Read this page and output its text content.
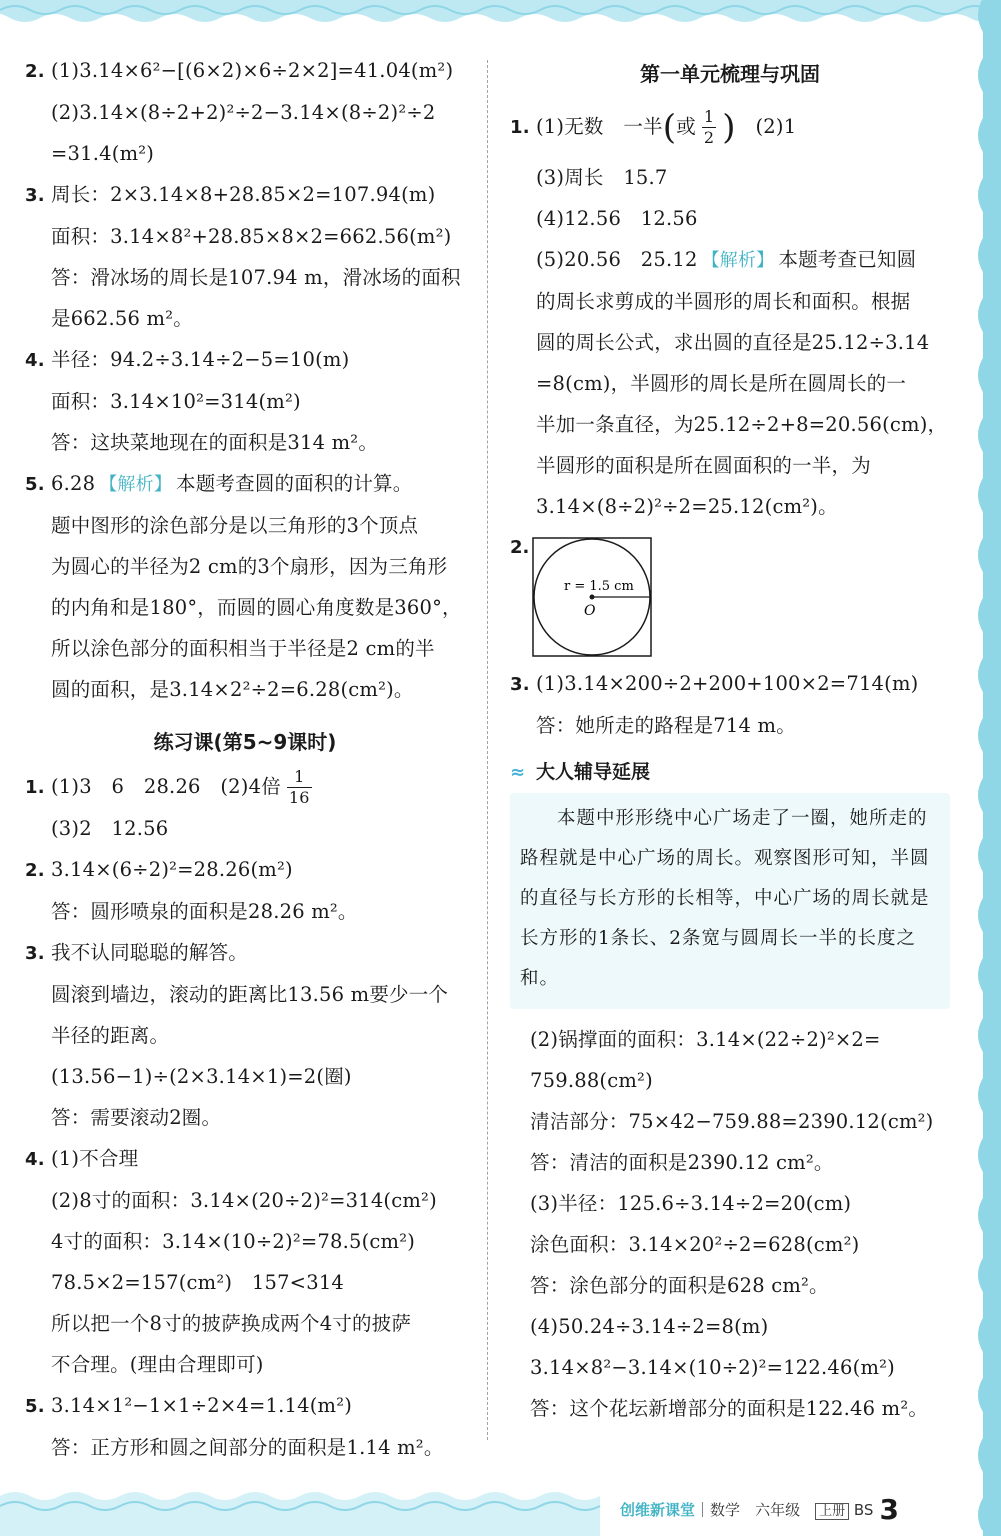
2. (1)3.14×6²−[(6×2)×6÷2×2]=41.04(m²)
(2)3.14×(8÷2+2)²÷2−3.14×(8÷2)²÷2
=31.4(m²)
3. 周长：2×3.14×8+28.85×2=107.94(m)
面积：3.14×8²+28.85×8×2=662.56(m²)
答：滑冰场的周长是107.94 m，滑冰场的面积
是662.56 m²。
4. 半径：94.2÷3.14÷2−5=10(m)
面积：3.14×10²=314(m²)
答：这块菜地现在的面积是314 m²。
5. 6.28 【解析】 本题考查圆的面积的计算。
题中图形的涂色部分是以三角形的3个顶点
为圆心的半径为2 cm的3个扇形，因为三角形
的内角和是180°，而圆的圆心角度数是360°，
所以涂色部分的面积相当于半径是2 cm的半
圆的面积，是3.14×2²÷2=6.28(cm²)。
练习课(第5~9课时)
1. (1)3　6　28.26　(2)4倍 $\frac{1}{16}$
(3)2　12.56
2. 3.14×(6÷2)²=28.26(m²)
答：圆形喷泉的面积是28.26 m²。
3. 我不认同聪聪的解答。
圆滚到墙边，滚动的距离比13.56 m要少一个
半径的距离。
(13.56−1)÷(2×3.14×1)=2(圈)
答：需要滚动2圈。
4. (1)不合理
(2)8寸的面积：3.14×(20÷2)²=314(cm²)
4寸的面积：3.14×(10÷2)²=78.5(cm²)
78.5×2=157(cm²)　157<314
所以把一个8寸的披萨换成两个4寸的披萨
不合理。(理由合理即可)
5. 3.14×1²−1×1÷2×4=1.14(m²)
答：正方形和圆之间部分的面积是1.14 m²。
第一单元梳理与巩固
1. (1)无数　一半(或 $\frac{1}{2}$ )　 (2)1
(3)周长　15.7
(4)12.56　12.56
(5)20.56　25.12 【解析】 本题考查已知圆
的周长求剪成的半圆形的周长和面积。根据
圆的周长公式，求出圆的直径是25.12÷3.14
=8(cm)，半圆形的周长是所在圆周长的一
半加一条直径，为25.12÷2+8=20.56(cm)，
半圆形的面积是所在圆面积的一半，为
3.14×(8÷2)²÷2=25.12(cm²)。
2.
r = 1.5 cm
O
3. (1)3.14×200÷2+200+100×2=714(m)
答：她所走的路程是714 m。
≈ 大人辅导延展
本题中形形绕中心广场走了一圈，她所走的路程就是中心广场的周长。观察图形可知，半圆的直径与长方形的长相等，中心广场的周长就是长方形的1条长、2条宽与圆周长一半的长度之和。
(2)锅撑面的面积：3.14×(22÷2)²×2=
759.88(cm²)
清洁部分：75×42−759.88=2390.12(cm²)
答：清洁的面积是2390.12 cm²。
(3)半径：125.6÷3.14÷2=20(cm)
涂色面积：3.14×20²÷2=628(cm²)
答：涂色部分的面积是628 cm²。
(4)50.24÷3.14÷2=8(m)
3.14×8²−3.14×(10÷2)²=122.46(m²)
答：这个花坛新增部分的面积是122.46 m²。
创维新课堂｜数学　 六年级　 上册 BS 3
